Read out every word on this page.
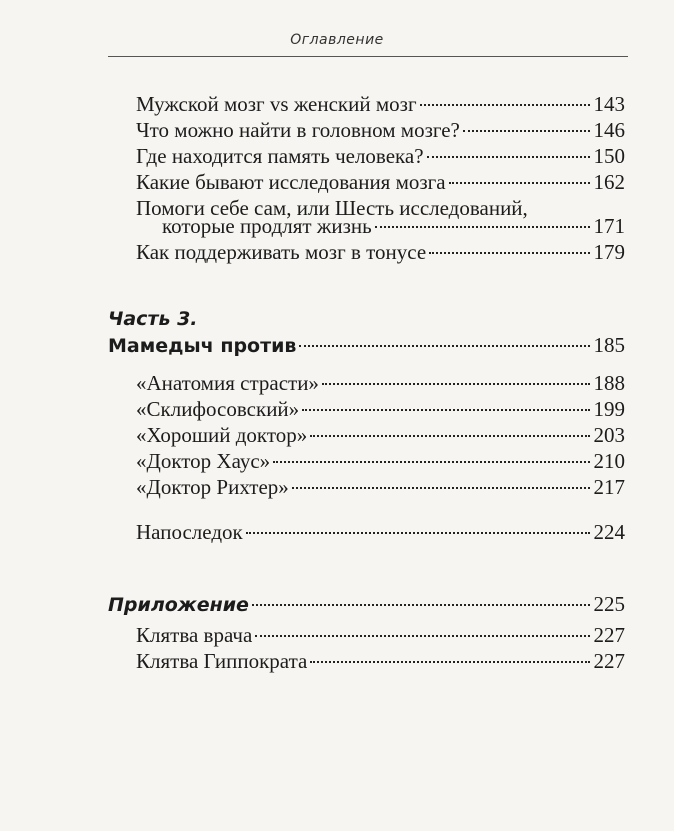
Оглавление
Мужской мозг vs женский мозг	143
Что можно найти в головном мозге?	146
Где находится память человека?	150
Какие бывают исследования мозга	162
Помоги себе сам, или Шесть исследований,
которые продлят жизнь	171
Как поддерживать мозг в тонусе	179
Часть 3.
Мамедыч против	185
«Анатомия страсти»	188
«Склифосовский»	199
«Хороший доктор»	203
«Доктор Хаус»	210
«Доктор Рихтер»	217
Напоследок	224
Приложение	225
Клятва врача	227
Клятва Гиппократа	227
